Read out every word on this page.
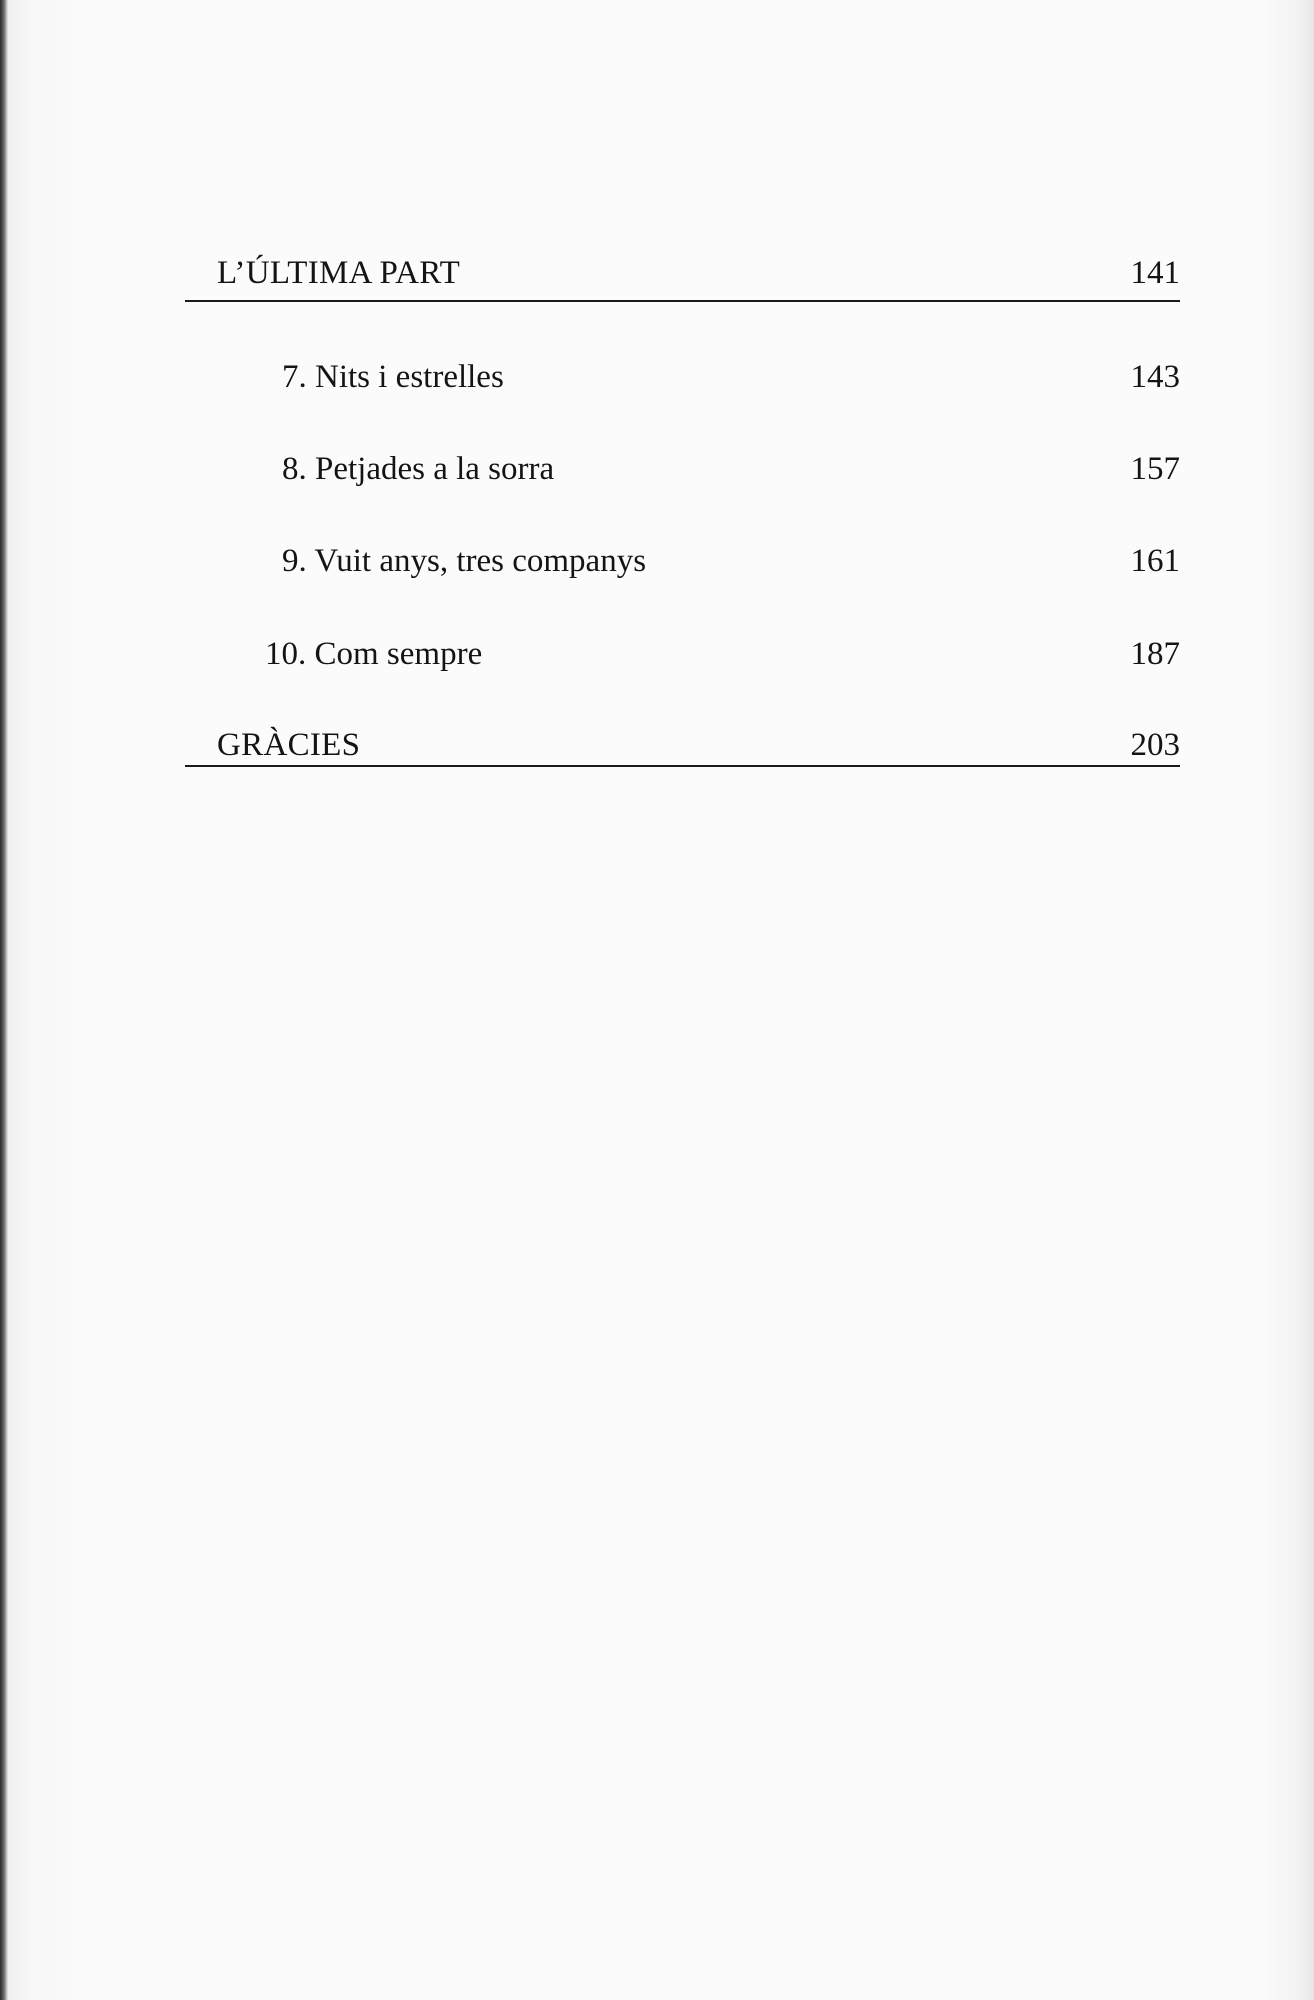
L’ÚLTIMA PART	141
7. Nits i estrelles	143
8. Petjades a la sorra	157
9. Vuit anys, tres companys	161
10. Com sempre	187
GRÀCIES	203
